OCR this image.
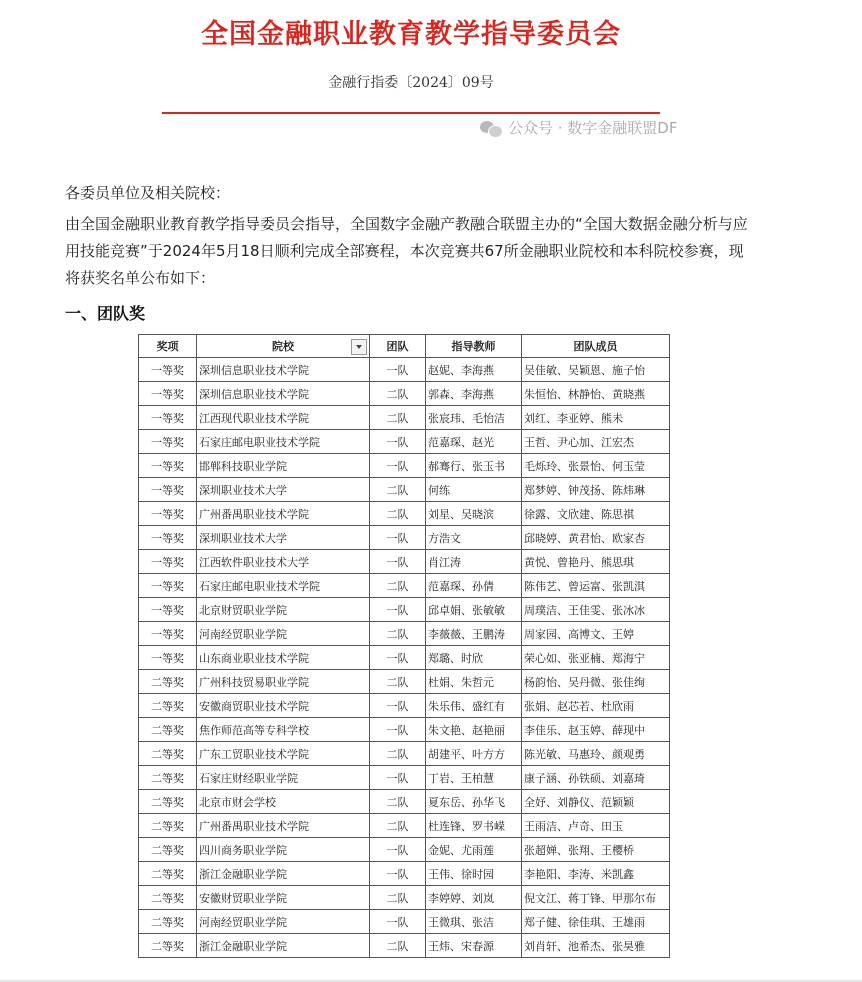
全国金融职业教育教学指导委员会
金融行指委〔2024〕09号
公众号 · 数字金融联盟DF
各委员单位及相关院校：
由全国金融职业教育教学指导委员会指导，全国数字金融产教融合联盟主办的“全国大数据金融分析与应用技能竞赛”于2024年5月18日顺利完成全部赛程，本次竞赛共67所金融职业院校和本科院校参赛，现将获奖名单公布如下：
一、团队奖
奖项	院校	团队	指导教师	团队成员
一等奖	深圳信息职业技术学院	一队	赵妮、李海燕	吴佳敏、吴颖恩、施子怡
一等奖	深圳信息职业技术学院	二队	郭森、李海燕	朱恒怡、林静怡、黄晓燕
一等奖	江西现代职业技术学院	二队	张宸玮、毛怡洁	刘红、李亚婷、熊未
一等奖	石家庄邮电职业技术学院	一队	范嘉琛、赵光	王哲、尹心加、江宏杰
一等奖	邯郸科技职业学院	一队	郝骞行、张玉书	毛烁玲、张景怡、何玉莹
一等奖	深圳职业技术大学	二队	何练	郑梦婷、钟茂扬、陈炜琳
一等奖	广州番禺职业技术学院	二队	刘星、吴晓滨	徐露、文欣建、陈思祺
一等奖	深圳职业技术大学	一队	方浩文	邱晓婷、黄君怡、欧家杏
一等奖	江西软件职业技术大学	一队	肖江涛	黄悦、曾艳丹、熊思琪
一等奖	石家庄邮电职业技术学院	二队	范嘉琛、孙倩	陈伟艺、曾运富、张凯淇
一等奖	北京财贸职业学院	一队	邱卓娟、张敏敏	周璞洁、王佳雯、张冰冰
一等奖	河南经贸职业学院	二队	李薇薇、王鹏涛	周家园、高博文、王婷
一等奖	山东商业职业技术学院	一队	郑璐、时欣	荣心如、张亚楠、郑海宁
二等奖	广州科技贸易职业学院	二队	杜娟、朱哲元	杨韵怡、吴丹微、张佳绚
二等奖	安徽商贸职业技术学院	一队	朱乐伟、盛红有	张娟、赵芯若、杜欣雨
二等奖	焦作师范高等专科学校	一队	朱文艳、赵艳丽	李佳乐、赵玉婷、薛现中
二等奖	广东工贸职业技术学院	二队	胡建平、叶方方	陈光敏、马惠玲、颜观勇
二等奖	石家庄财经职业学院	一队	丁岩、王柏慧	康子涵、孙铁硕、刘嘉琦
二等奖	北京市财会学校	二队	夏东岳、孙华飞	全妤、刘静仪、范颖颖
二等奖	广州番禺职业技术学院	二队	杜连锋、罗书嵘	王雨洁、卢奇、田玉
二等奖	四川商务职业学院	一队	金妮、尤雨莲	张超婵、张翔、王樱桥
二等奖	浙江金融职业学院	一队	王伟、徐时园	李艳阳、李涛、米凯鑫
二等奖	安徽财贸职业学院	二队	李婷婷、刘岚	倪文江、蒋丁锋、甲那尔布
二等奖	河南经贸职业学院	一队	王微琪、张洁	郑子健、徐佳琪、王雄雨
二等奖	浙江金融职业学院	二队	王炜、宋春源	刘肖轩、池希杰、张昊雅
